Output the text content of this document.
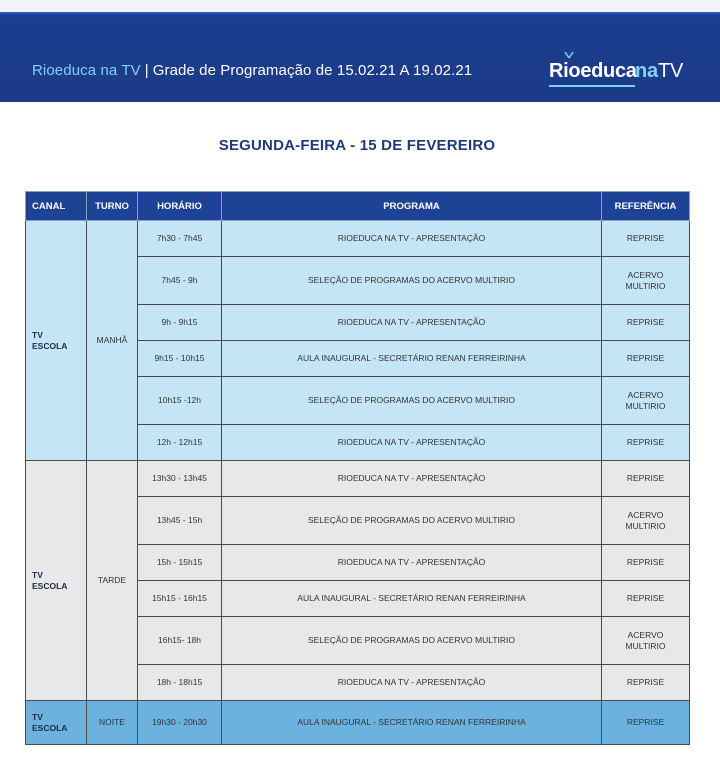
Rioeduca na TV | Grade de Programação de 15.02.21 A 19.02.21	Rioeduca
naTV
SEGUNDA-FEIRA - 15 DE FEVEREIRO
CANAL	TURNO	HORÁRIO	PROGRAMA	REFERÊNCIA
TV ESCOLA	MANHÃ	7h30 - 7h45	RIOEDUCA NA TV - APRESENTAÇÃO	REPRISE
		7h45 - 9h	SELEÇÃO DE PROGRAMAS DO ACERVO MULTIRIO	ACERVO MULTIRIO
		9h - 9h15	RIOEDUCA NA TV - APRESENTAÇÃO	REPRISE
		9h15 - 10h15	AULA INAUGURAL - SECRETÁRIO RENAN FERREIRINHA	REPRISE
		10h15 -12h	SELEÇÃO DE PROGRAMAS DO ACERVO MULTIRIO	ACERVO MULTIRIO
		12h - 12h15	RIOEDUCA NA TV - APRESENTAÇÃO	REPRISE
TV ESCOLA	TARDE	13h30 - 13h45	RIOEDUCA NA TV - APRESENTAÇÃO	REPRISE
		13h45 - 15h	SELEÇÃO DE PROGRAMAS DO ACERVO MULTIRIO	ACERVO MULTIRIO
		15h - 15h15	RIOEDUCA NA TV - APRESENTAÇÃO	REPRISE
		15h15 - 16h15	AULA INAUGURAL - SECRETÁRIO RENAN FERREIRINHA	REPRISE
		16h15- 18h	SELEÇÃO DE PROGRAMAS DO ACERVO MULTIRIO	ACERVO MULTIRIO
		18h - 18h15	RIOEDUCA NA TV - APRESENTAÇÃO	REPRISE
TV ESCOLA	NOITE	19h30 - 20h30	AULA INAUGURAL - SECRETÁRIO RENAN FERREIRINHA	REPRISE
